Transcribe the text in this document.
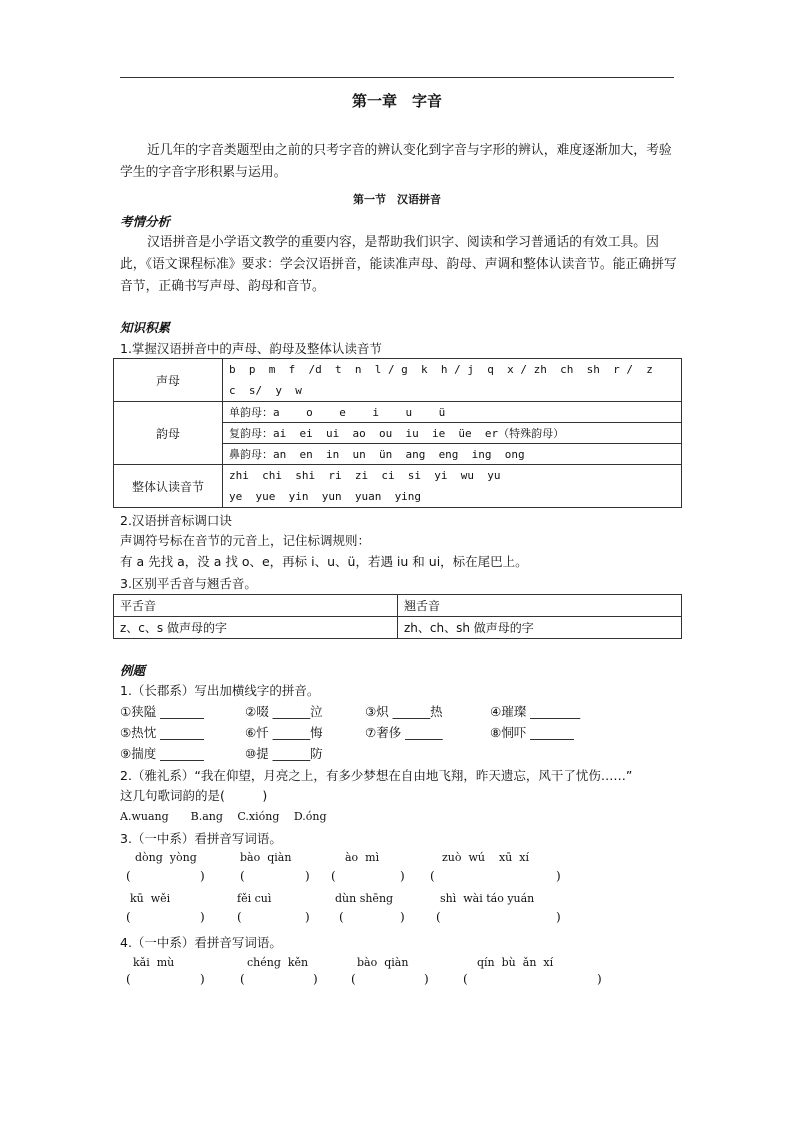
第一章　字音
近几年的字音类题型由之前的只考字音的辨认变化到字音与字形的辨认，难度逐渐加大，考验学生的字音字形积累与运用。
第一节　汉语拼音
考情分析
汉语拼音是小学语文教学的重要内容，是帮助我们识字、阅读和学习普通话的有效工具。因此，《语文课程标准》要求：学会汉语拼音，能读准声母、韵母、声调和整体认读音节。能正确拼写音节，正确书写声母、韵母和音节。
知识积累
1.掌握汉语拼音中的声母、韵母及整体认读音节
声母	b  p  m  f  /d  t  n  l / g  k  h / j  q  x / zh  ch  sh  r /  z
c  s/  y  w

韵母	单韵母：a    o    e    i    u    ü
	复韵母：ai  ei  ui  ao  ou  iu  ie  üe  er（特殊韵母）
	鼻韵母：an  en  in  un  ün  ang  eng  ing  ong
整体认读音节	zhi  chi  shi  ri  zi  ci  si  yi  wu  yu
ye  yue  yin  yun  yuan  ying
2.汉语拼音标调口诀
声调符号标在音节的元音上，记住标调规则：
有 a 先找 a，没 a 找 o、e，再标 i、u、ü，若遇 iu 和 ui，标在尾巴上。
3.区别平舌音与翘舌音。
平舌音	翘舌音
z、c、s 做声母的字	zh、ch、sh 做声母的字
例题
1.（长郡系）写出加横线字的拼音。
①狭隘 _______	②啜 ______泣	③炽 ______热	④璀璨 ________
⑤热忱 _______	⑥忏 ______悔	⑦奢侈 ______	⑧恫吓 _______
⑨揣度 _______	⑩提 ______防
2.（雅礼系）“我在仰望，月亮之上，有多少梦想在自由地飞翔，昨天遗忘，风干了忧伤……”
这几句歌词韵的是(　　　)
A.wuang　　B.ang　 C.xióng　 D.óng
3.（一中系）看拼音写词语。
dòng  yòng	bào  qiàn	ào  mì	zuò  wú    xū  xí
(	)	(	) (	) (	)
kū  wěi	fěi cuì	dùn shēng	shì  wài táo yuán
(	)	(	) (	)	(	)
4.（一中系）看拼音写词语。
kǎi  mù	chéng  kěn	bào  qiàn	qín  bù  ǎn  xí
(	)	(	)	(	)	(	)
